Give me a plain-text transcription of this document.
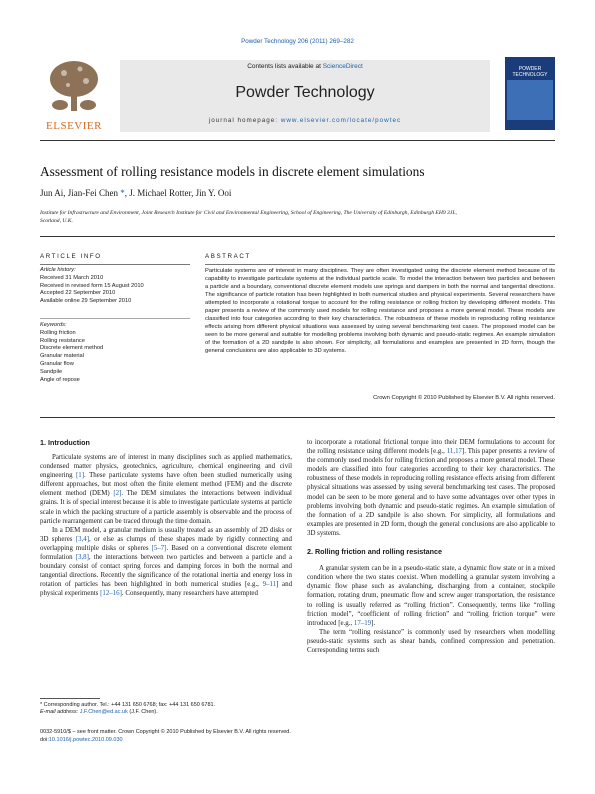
Powder Technology 206 (2011) 269–282
ELSEVIER
Contents lists available at ScienceDirect
Powder Technology
journal homepage: www.elsevier.com/locate/powtec
POWDER TECHNOLOGY
Assessment of rolling resistance models in discrete element simulations
Jun Ai, Jian-Fei Chen *, J. Michael Rotter, Jin Y. Ooi
Institute for Infrastructure and Environment, Joint Research Institute for Civil and Environmental Engineering, School of Engineering, The University of Edinburgh, Edinburgh EH9 3JL,
Scotland, U.K.
ARTICLE INFO
Article history:
Received 31 March 2010
Received in revised form 15 August 2010
Accepted 22 September 2010
Available online 29 September 2010
Keywords:
Rolling friction
Rolling resistance
Discrete element method
Granular material
Granular flow
Sandpile
Angle of repose
ABSTRACT
Particulate systems are of interest in many disciplines. They are often investigated using the discrete element method because of its capability to investigate particulate systems at the individual particle scale. To model the interaction between two particles and between a particle and a boundary, conventional discrete element models use springs and dampers in both the normal and tangential directions. The significance of particle rotation has been highlighted in both numerical studies and physical experiments. Several researchers have attempted to incorporate a rotational torque to account for the rolling resistance or rolling friction by developing different models. This paper presents a review of the commonly used models for rolling resistance and proposes a more general model. These models are classified into four categories according to their key characteristics. The robustness of these models in reproducing rolling resistance effects arising from different physical situations was assessed by using several benchmarking test cases. The proposed model can be seen to be more general and suitable for modelling problems involving both dynamic and pseudo-static regimes. An example simulation of the formation of a 2D sandpile is also shown. For simplicity, all formulations and examples are presented in 2D form, though the general conclusions are also applicable to 3D systems.
Crown Copyright © 2010 Published by Elsevier B.V. All rights reserved.
1. Introduction

Particulate systems are of interest in many disciplines such as applied mathematics, condensed matter physics, geotechnics, agriculture, chemical engineering and civil engineering [1]. These particulate systems have often been studied numerically using different approaches, but most often the finite element method (FEM) and the discrete element method (DEM) [2]. The DEM simulates the interactions between individual grains. It is of special interest because it is able to investigate particulate systems at particle scale in which the packing structure of a particle assembly is observable and the process of particle rearrangement can be traced through the time domain.

In a DEM model, a granular medium is usually treated as an assembly of 2D disks or 3D spheres [3,4], or else as clumps of these shapes made by rigidly connecting and overlapping multiple disks or spheres [5–7]. Based on a conventional discrete element formulation [3,8], the interactions between two particles and between a particle and a boundary consist of contact spring forces and damping forces in both the normal and tangential directions. Recently the significance of the rotational inertia and energy loss in rotation of particles has been highlighted in both numerical studies [e.g., 9–11] and physical experiments [12–16]. Consequently, many researchers have attempted

to incorporate a rotational frictional torque into their DEM formulations to account for the rolling resistance using different models [e.g., 11,17]. This paper presents a review of the commonly used models for rolling friction and proposes a more general model. These models are classified into four categories according to their key characteristics. The robustness of these models in reproducing rolling resistance effects arising from different physical situations was assessed by using several benchmarking test cases. The proposed model can be seen to be more general and to have some advantages over other types in problems involving both dynamic and pseudo-static regimes. An example simulation of the formation of a 2D sandpile is also shown. For simplicity, all formulations and examples are presented in 2D form, though the general conclusions are also applicable to 3D systems.

2. Rolling friction and rolling resistance

A granular system can be in a pseudo-static state, a dynamic flow state or in a mixed condition where the two states coexist. When modelling a granular system involving a dynamic flow phase such as avalanching, discharging from a container, stockpile formation, rotating drum, pneumatic flow and screw auger transportation, the resistance to rolling is usually referred as “rolling friction”. Consequently, terms like “rolling friction model”, “coefficient of rolling friction” and “rolling friction torque” were introduced [e.g., 17–19].

The term “rolling resistance” is commonly used by researchers when modelling pseudo-static systems such as shear bands, confined compression and penetration. Corresponding terms such

* Corresponding author. Tel.: +44 131 650 6768; fax: +44 131 650 6781.
E-mail address: J.F.Chen@ed.ac.uk (J.F. Chen).
0032-5910/$ – see front matter. Crown Copyright © 2010 Published by Elsevier B.V. All rights reserved.
doi:10.1016/j.powtec.2010.09.030
